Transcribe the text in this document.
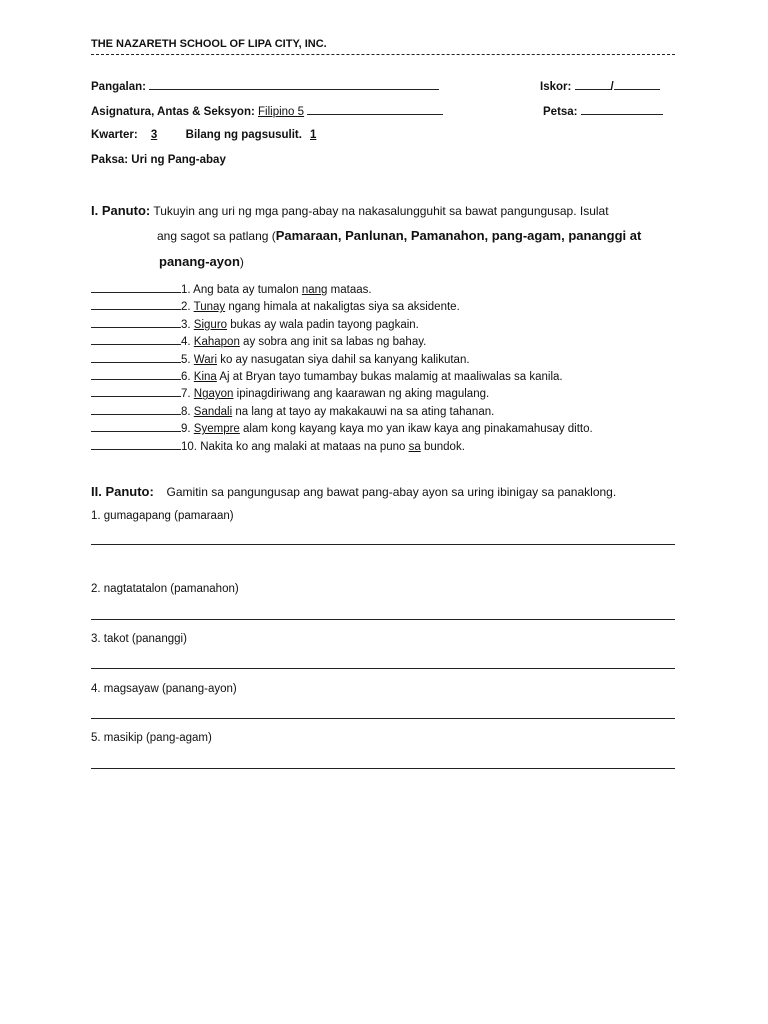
THE NAZARETH SCHOOL OF LIPA CITY, INC.
Pangalan:	Iskor:	/
Asignatura, Antas & Seksyon: Filipino 5	Petsa:
Kwarter: 3 Bilang ng pagsusulit. 1
Paksa: Uri ng Pang-abay
I. Panuto: Tukuyin ang uri ng mga pang-abay na nakasalungguhit sa bawat pangungusap. Isulat
ang sagot sa patlang (Pamaraan, Panlunan, Pamanahon, pang-agam, pananggi at
panang-ayon)
1. Ang bata ay tumalon nang mataas.
2. Tunay ngang himala at nakaligtas siya sa aksidente.
3. Siguro bukas ay wala padin tayong pagkain.
4. Kahapon ay sobra ang init sa labas ng bahay.
5. Wari ko ay nasugatan siya dahil sa kanyang kalikutan.
6. Kina Aj at Bryan tayo tumambay bukas malamig at maaliwalas sa kanila.
7. Ngayon ipinagdiriwang ang kaarawan ng aking magulang.
8. Sandali na lang at tayo ay makakauwi na sa ating tahanan.
9. Syempre alam kong kayang kaya mo yan ikaw kaya ang pinakamahusay ditto.
10. Nakita ko ang malaki at mataas na puno sa bundok.
II. Panuto: Gamitin sa pangungusap ang bawat pang-abay ayon sa uring ibinigay sa panaklong.
1. gumagapang (pamaraan)
2. nagtatatalon (pamanahon)
3. takot (pananggi)
4. magsayaw (panang-ayon)
5. masikip (pang-agam)
